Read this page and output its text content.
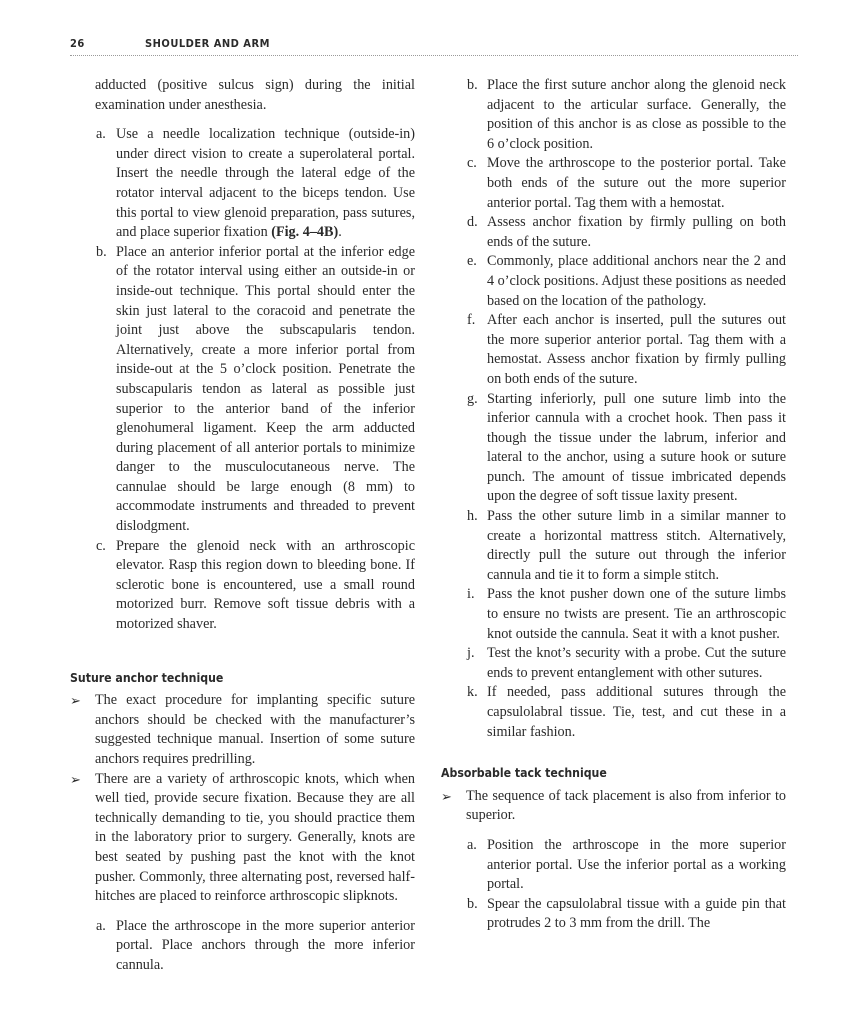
26	SHOULDER AND ARM

adducted (positive sulcus sign) during the initial examination under anesthesia.

a. Use a needle localization technique (outside-in) under direct vision to create a superolateral portal. Insert the needle through the lateral edge of the rotator interval adjacent to the biceps tendon. Use this portal to view glenoid preparation, pass sutures, and place superior fixation (Fig. 4–4B).
b. Place an anterior inferior portal at the inferior edge of the rotator interval using either an outside-in or inside-out technique. This portal should enter the skin just lateral to the coracoid and penetrate the joint just above the subscapularis tendon. Alternatively, create a more inferior portal from inside-out at the 5 o’clock position. Penetrate the subscapularis tendon as lateral as possible just superior to the anterior band of the inferior glenohumeral ligament. Keep the arm adducted during placement of all anterior portals to minimize danger to the musculocutaneous nerve. The cannulae should be large enough (8 mm) to accommodate instruments and threaded to prevent dislodgment.
c. Prepare the glenoid neck with an arthroscopic elevator. Rasp this region down to bleeding bone. If sclerotic bone is encountered, use a small round motorized burr. Remove soft tissue debris with a motorized shaver.
Suture anchor technique
➢ The exact procedure for implanting specific suture anchors should be checked with the manufacturer’s suggested technique manual. Insertion of some suture anchors requires predrilling.
➢ There are a variety of arthroscopic knots, which when well tied, provide secure fixation. Because they are all technically demanding to tie, you should practice them in the laboratory prior to surgery. Generally, knots are best seated by pushing past the knot with the knot pusher. Commonly, three alternating post, reversed half-hitches are placed to reinforce arthroscopic slipknots.
a. Place the arthroscope in the more superior anterior portal. Place anchors through the more inferior cannula.
b. Place the first suture anchor along the glenoid neck adjacent to the articular surface. Generally, the position of this anchor is as close as possible to the 6 o’clock position.
c. Move the arthroscope to the posterior portal. Take both ends of the suture out the more superior anterior portal. Tag them with a hemostat.
d. Assess anchor fixation by firmly pulling on both ends of the suture.
e. Commonly, place additional anchors near the 2 and 4 o’clock positions. Adjust these positions as needed based on the location of the pathology.
f. After each anchor is inserted, pull the sutures out the more superior anterior portal. Tag them with a hemostat. Assess anchor fixation by firmly pulling on both ends of the suture.
g. Starting inferiorly, pull one suture limb into the inferior cannula with a crochet hook. Then pass it though the tissue under the labrum, inferior and lateral to the anchor, using a suture hook or suture punch. The amount of tissue imbricated depends upon the degree of soft tissue laxity present.
h. Pass the other suture limb in a similar manner to create a horizontal mattress stitch. Alternatively, directly pull the suture out through the inferior cannula and tie it to form a simple stitch.
i. Pass the knot pusher down one of the suture limbs to ensure no twists are present. Tie an arthroscopic knot outside the cannula. Seat it with a knot pusher.
j. Test the knot’s security with a probe. Cut the suture ends to prevent entanglement with other sutures.
k. If needed, pass additional sutures through the capsulolabral tissue. Tie, test, and cut these in a similar fashion.
Absorbable tack technique
➢ The sequence of tack placement is also from inferior to superior.
a. Position the arthroscope in the more superior anterior portal. Use the inferior portal as a working portal.
b. Spear the capsulolabral tissue with a guide pin that protrudes 2 to 3 mm from the drill. The
